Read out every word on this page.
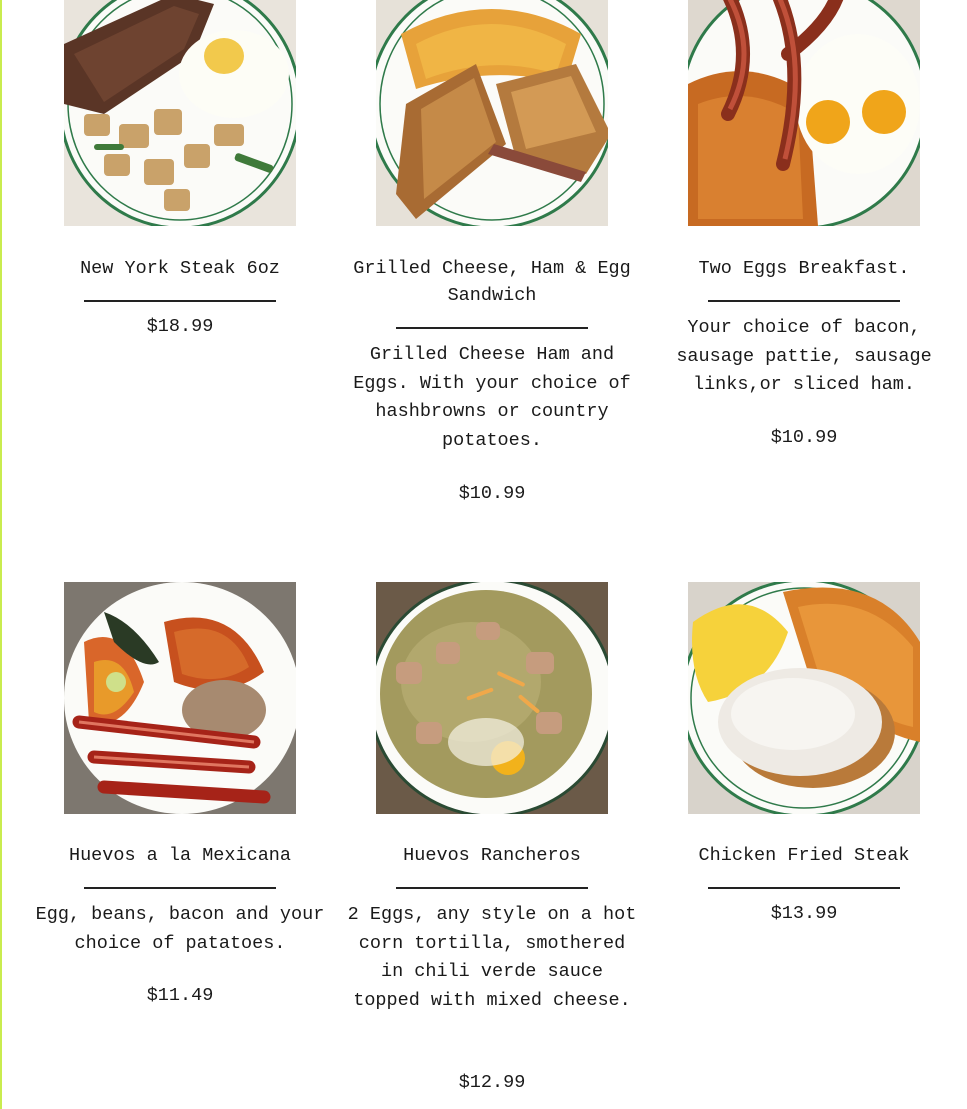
New York Steak 6oz
$18.99
Grilled Cheese, Ham & Egg Sandwich
Grilled Cheese Ham and Eggs. With your choice of hashbrowns or country potatoes.
$10.99
Two Eggs Breakfast.
Your choice of bacon, sausage pattie, sausage links,or sliced ham.
$10.99
Huevos a la Mexicana
Egg, beans, bacon and your choice of patatoes.
$11.49
Huevos Rancheros
2 Eggs, any style on a hot corn tortilla, smothered in chili verde sauce topped with mixed cheese.
$12.99
Chicken Fried Steak
$13.99
